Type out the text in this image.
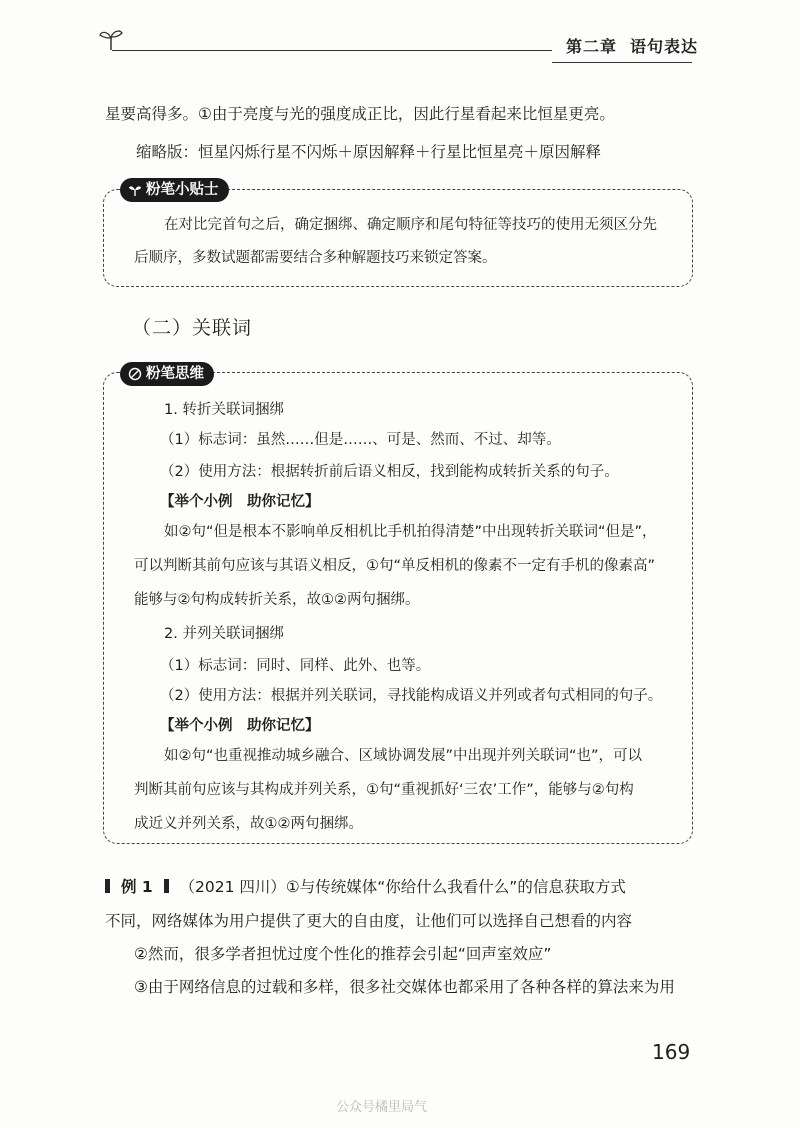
第二章 语句表达
星要高得多。①由于亮度与光的强度成正比，因此行星看起来比恒星更亮。
缩略版：恒星闪烁行星不闪烁＋原因解释＋行星比恒星亮＋原因解释
粉笔小贴士
在对比完首句之后，确定捆绑、确定顺序和尾句特征等技巧的使用无须区分先
后顺序，多数试题都需要结合多种解题技巧来锁定答案。
（二）关联词
粉笔思维
1. 转折关联词捆绑
（1）标志词：虽然……但是……、可是、然而、不过、却等。
（2）使用方法：根据转折前后语义相反，找到能构成转折关系的句子。
【举个小例　助你记忆】
如②句“但是根本不影响单反相机比手机拍得清楚”中出现转折关联词“但是”，
可以判断其前句应该与其语义相反，①句“单反相机的像素不一定有手机的像素高”
能够与②句构成转折关系，故①②两句捆绑。
2. 并列关联词捆绑
（1）标志词：同时、同样、此外、也等。
（2）使用方法：根据并列关联词，寻找能构成语义并列或者句式相同的句子。
【举个小例　助你记忆】
如②句“也重视推动城乡融合、区域协调发展”中出现并列关联词“也”，可以
判断其前句应该与其构成并列关系，①句“重视抓好‘三农’工作”，能够与②句构
成近义并列关系，故①②两句捆绑。
例 1 （2021 四川）①与传统媒体“你给什么我看什么”的信息获取方式
不同，网络媒体为用户提供了更大的自由度，让他们可以选择自己想看的内容
②然而，很多学者担忧过度个性化的推荐会引起“回声室效应”
③由于网络信息的过载和多样，很多社交媒体也都采用了各种各样的算法来为用
169
公众号橘里局气
